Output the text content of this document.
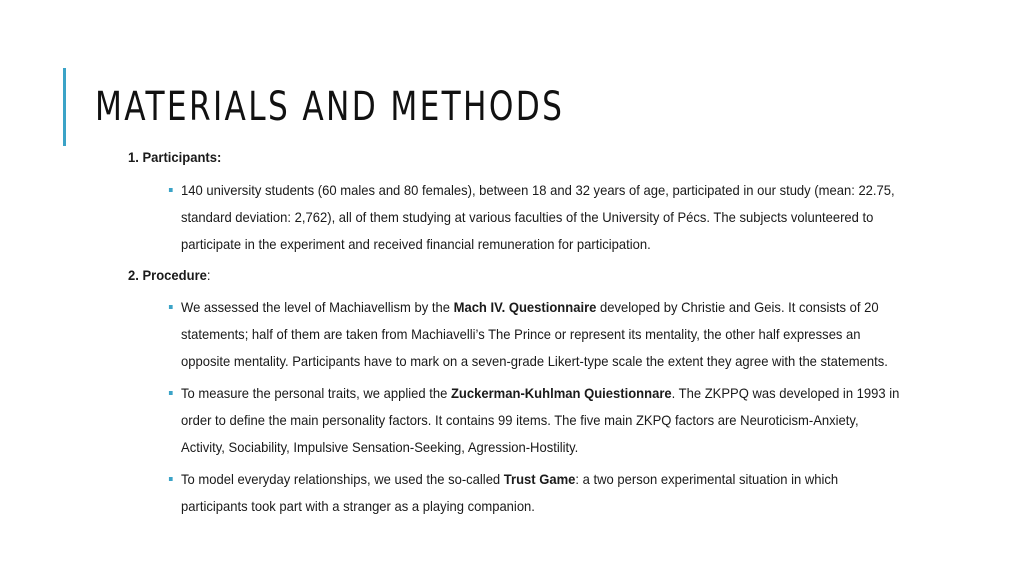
MATERIALS AND METHODS

1. Participants:

140 university students (60 males and 80 females), between 18 and 32 years of age, participated in our study (mean: 22.75, standard deviation: 2,762), all of them studying at various faculties of the University of Pécs. The subjects volunteered to participate in the experiment and received financial remuneration for participation.

2. Procedure:

We assessed the level of Machiavellism by the Mach IV. Questionnaire developed by Christie and Geis. It consists of 20 statements; half of them are taken from Machiavelli’s The Prince or represent its mentality, the other half expresses an opposite mentality. Participants have to mark on a seven-grade Likert-type scale the extent they agree with the statements.
To measure the personal traits, we applied the Zuckerman-Kuhlman Quiestionnare. The ZKPPQ was developed in 1993 in order to define the main personality factors. It contains 99 items. The five main ZKPQ factors are Neuroticism-Anxiety, Activity, Sociability, Impulsive Sensation-Seeking, Agression-Hostility.
To model everyday relationships, we used the so-called Trust Game: a two person experimental situation in which participants took part with a stranger as a playing companion.
